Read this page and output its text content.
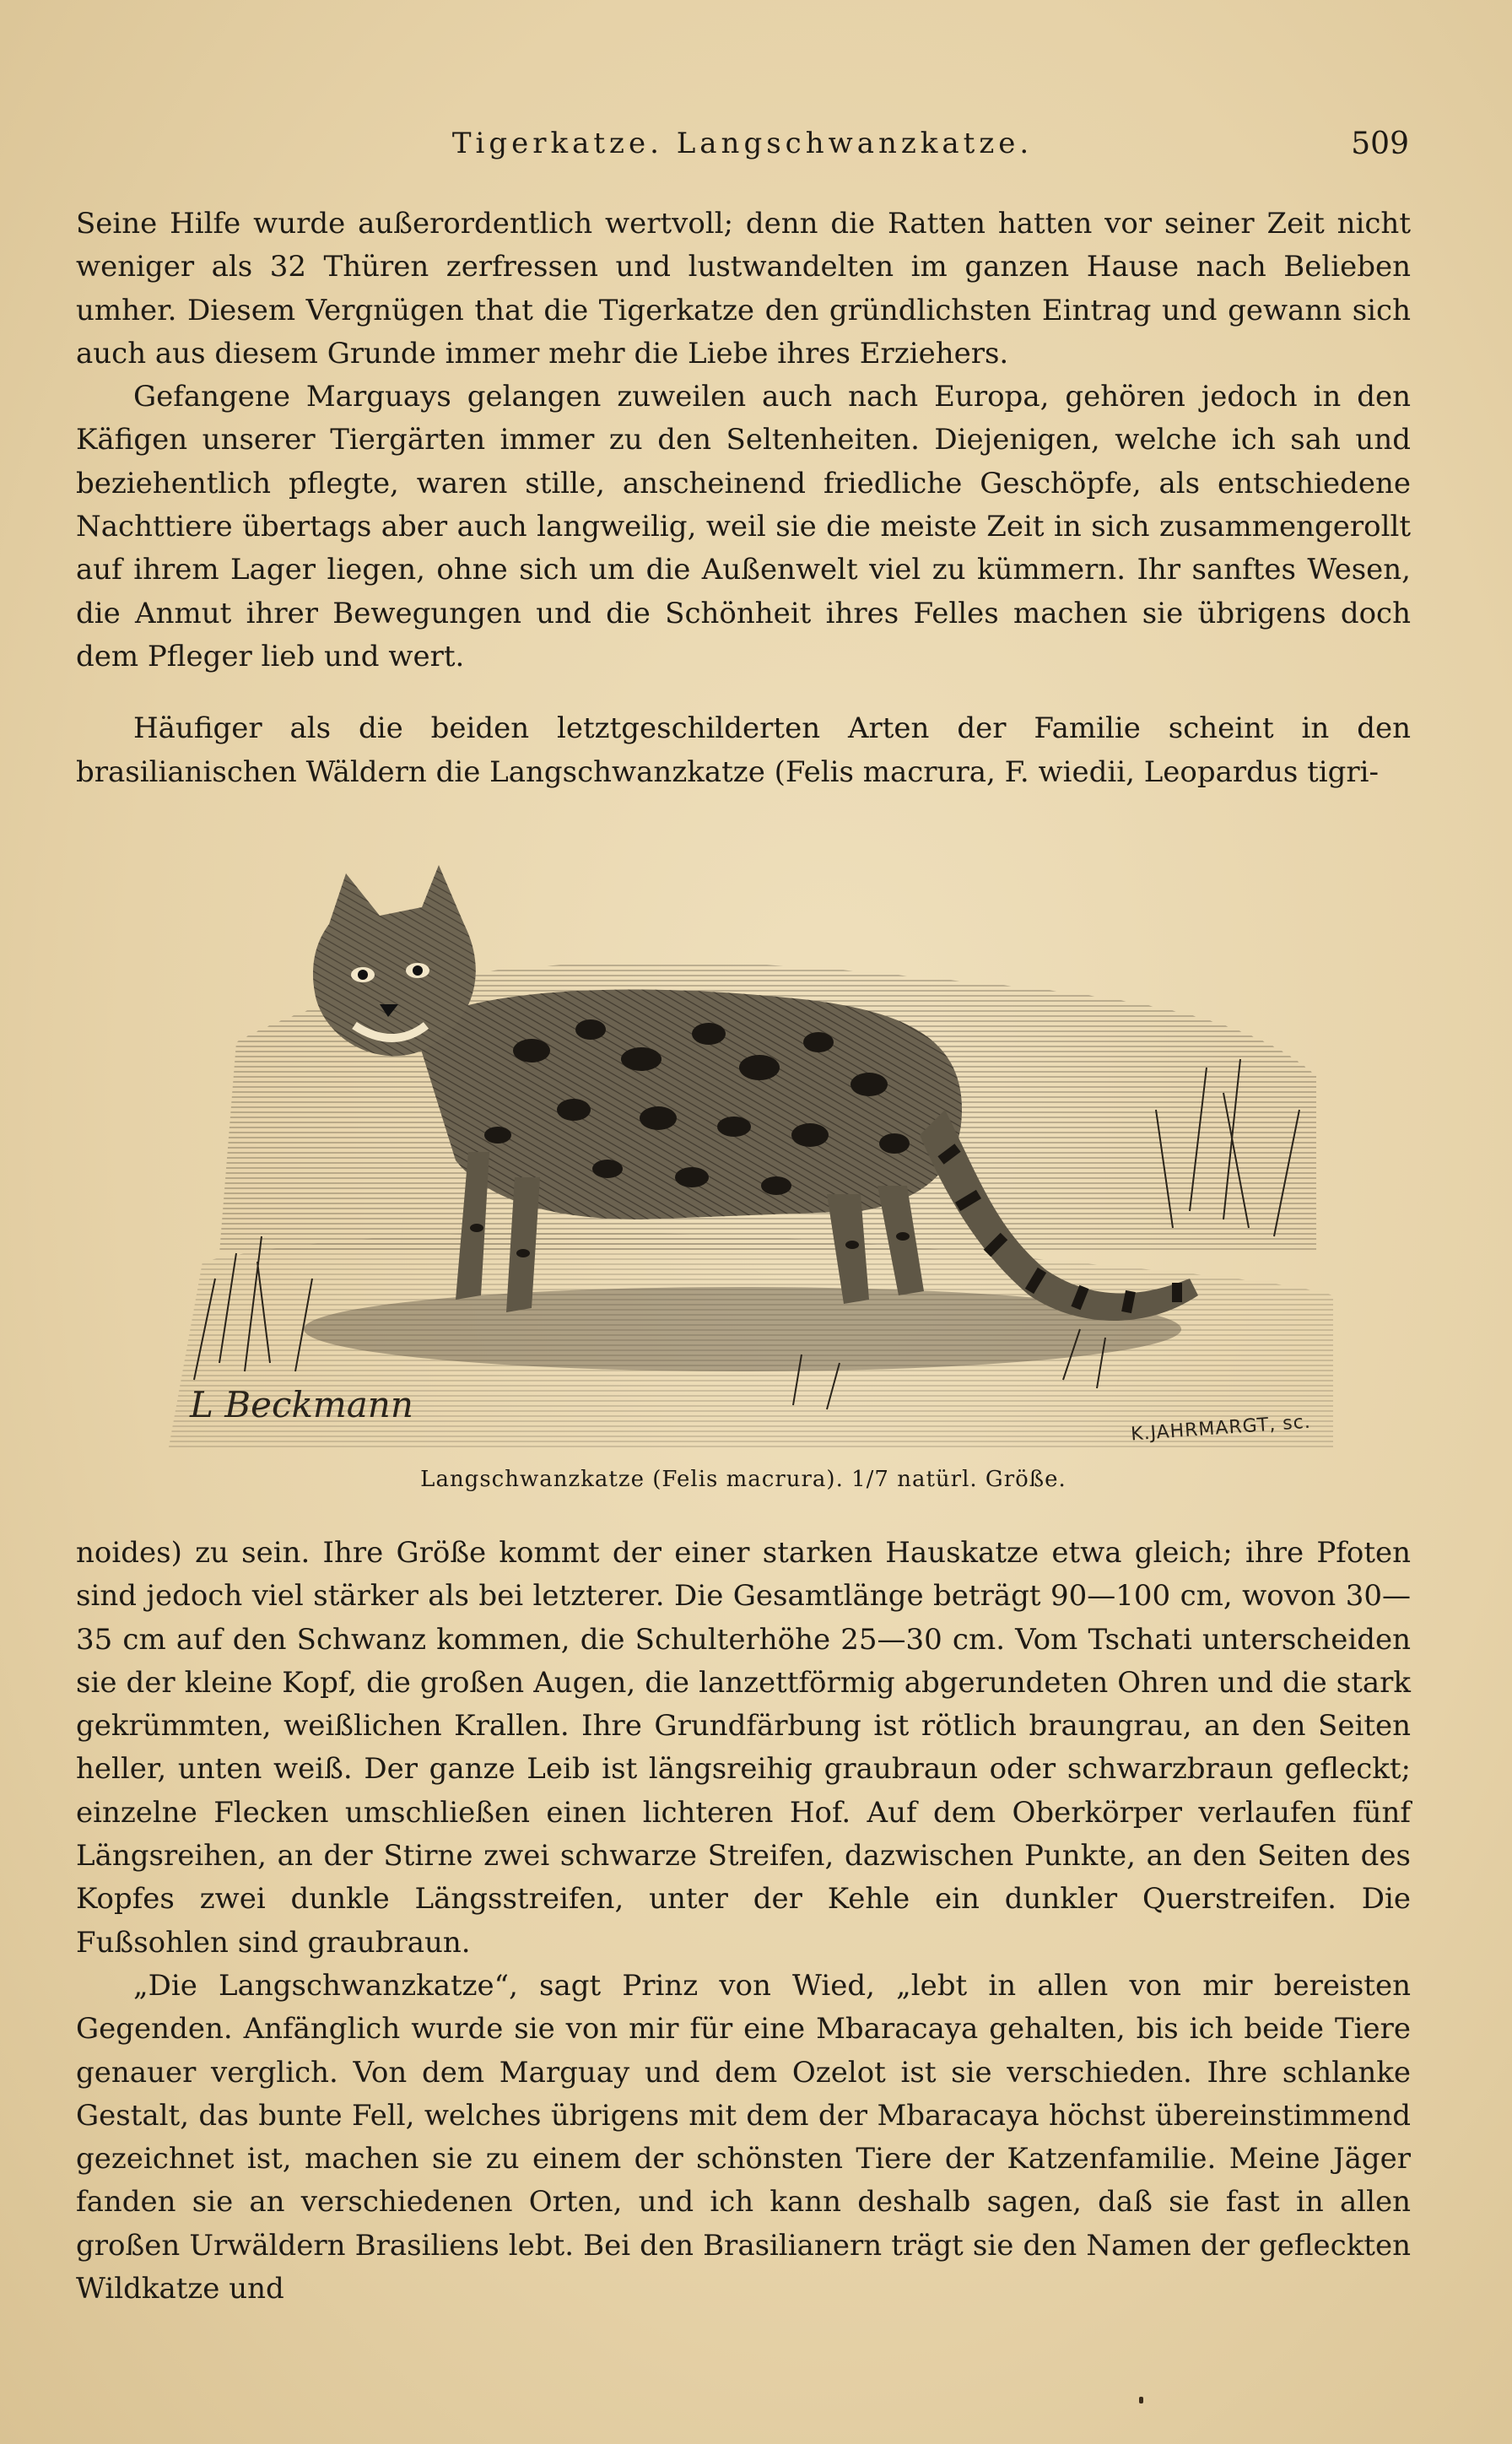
Tigerkatze. Langschwanzkatze.	509

Seine Hilfe wurde außerordentlich wertvoll; denn die Ratten hatten vor seiner Zeit nicht weniger als 32 Thüren zerfressen und lustwandelten im ganzen Hause nach Belieben umher. Diesem Vergnügen that die Tigerkatze den gründlichsten Eintrag und gewann sich auch aus diesem Grunde immer mehr die Liebe ihres Erziehers.

Gefangene Marguays gelangen zuweilen auch nach Europa, gehören jedoch in den Käfigen unserer Tiergärten immer zu den Seltenheiten. Diejenigen, welche ich sah und beziehentlich pflegte, waren stille, anscheinend friedliche Geschöpfe, als entschiedene Nachttiere übertags aber auch langweilig, weil sie die meiste Zeit in sich zusammengerollt auf ihrem Lager liegen, ohne sich um die Außenwelt viel zu kümmern. Ihr sanftes Wesen, die Anmut ihrer Bewegungen und die Schönheit ihres Felles machen sie übrigens doch dem Pfleger lieb und wert.

Häufiger als die beiden letztgeschilderten Arten der Familie scheint in den brasilianischen Wäldern die Langschwanzkatze (Felis macrura, F. wiedii, Leopardus tigri-

L Beckmann
K.JAHRMARGT, sc.
Langschwanzkatze (Felis macrura). 1/7 natürl. Größe.

noides) zu sein. Ihre Größe kommt der einer starken Hauskatze etwa gleich; ihre Pfoten sind jedoch viel stärker als bei letzterer. Die Gesamtlänge beträgt 90—100 cm, wovon 30—35 cm auf den Schwanz kommen, die Schulterhöhe 25—30 cm. Vom Tschati unterscheiden sie der kleine Kopf, die großen Augen, die lanzettförmig abgerundeten Ohren und die stark gekrümmten, weißlichen Krallen. Ihre Grundfärbung ist rötlich braungrau, an den Seiten heller, unten weiß. Der ganze Leib ist längsreihig graubraun oder schwarzbraun gefleckt; einzelne Flecken umschließen einen lichteren Hof. Auf dem Oberkörper verlaufen fünf Längsreihen, an der Stirne zwei schwarze Streifen, dazwischen Punkte, an den Seiten des Kopfes zwei dunkle Längsstreifen, unter der Kehle ein dunkler Querstreifen. Die Fußsohlen sind graubraun.

„Die Langschwanzkatze“, sagt Prinz von Wied, „lebt in allen von mir bereisten Gegenden. Anfänglich wurde sie von mir für eine Mbaracaya gehalten, bis ich beide Tiere genauer verglich. Von dem Marguay und dem Ozelot ist sie verschieden. Ihre schlanke Gestalt, das bunte Fell, welches übrigens mit dem der Mbaracaya höchst übereinstimmend gezeichnet ist, machen sie zu einem der schönsten Tiere der Katzenfamilie. Meine Jäger fanden sie an verschiedenen Orten, und ich kann deshalb sagen, daß sie fast in allen großen Urwäldern Brasiliens lebt. Bei den Brasilianern trägt sie den Namen der gefleckten Wildkatze und
